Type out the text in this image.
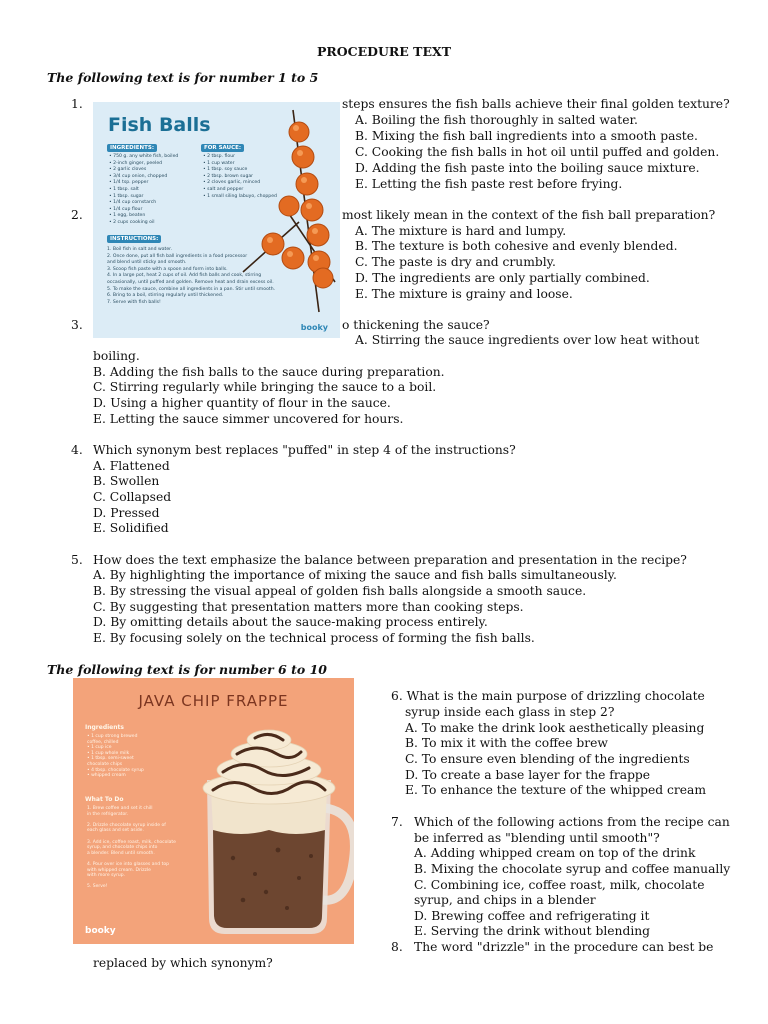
PROCEDURE TEXT
The following text is for number 1 to 5
1.	steps ensures the fish balls achieve their final golden texture?
A. Boiling the fish thoroughly in salted water.
B. Mixing the fish ball ingredients into a smooth paste.
C. Cooking the fish balls in hot oil until puffed and golden.
D. Adding the fish paste into the boiling sauce mixture.
E. Letting the fish paste rest before frying.
2.	most likely mean in the context of the fish ball preparation?
A. The mixture is hard and lumpy.
B. The texture is both cohesive and evenly blended.
C. The paste is dry and crumbly.
D. The ingredients are only partially combined.
E. The mixture is grainy and loose.
3.	o thickening the sauce?
A. Stirring the sauce ingredients over low heat without
boiling.
B. Adding the fish balls to the sauce during preparation.
C. Stirring regularly while bringing the sauce to a boil.
D. Using a higher quantity of flour in the sauce.
E. Letting the sauce simmer uncovered for hours.
4. Which synonym best replaces "puffed" in step 4 of the instructions?
A. Flattened
B. Swollen
C. Collapsed
D. Pressed
E. Solidified
5. How does the text emphasize the balance between preparation and presentation in the recipe?
A. By highlighting the importance of mixing the sauce and fish balls simultaneously.
B. By stressing the visual appeal of golden fish balls alongside a smooth sauce.
C. By suggesting that presentation matters more than cooking steps.
D. By omitting details about the sauce-making process entirely.
E. By focusing solely on the technical process of forming the fish balls.
Fish Balls
INGREDIENTS:
• 750 g. any white fish, boiled
• 2-inch ginger, peeled
• 2 garlic cloves
• 3/4 cup onion, chopped
• 1/4 tsp. pepper
• 1 tbsp. salt
• 1 tbsp. sugar
• 1/4 cup cornstarch
• 1/4 cup flour
• 1 egg, beaten
• 2 cups cooking oil
FOR SAUCE:
• 2 tbsp. flour
• 1 cup water
• 1 tbsp. soy sauce
• 2 tbsp. brown sugar
• 2 cloves garlic, minced
• salt and pepper
• 1 small siling labuyo, chopped
INSTRUCTIONS:
1. Boil fish in salt and water.
2. Once done, put all fish ball ingredients in a food processor
and blend until sticky and smooth.
3. Scoop fish paste with a spoon and form into balls.
4. In a large pot, heat 2 cups of oil. Add fish balls and cook, stirring
occasionally, until puffed and golden. Remove heat and drain excess oil.
5. To make the sauce, combine all ingredients in a pan. Stir until smooth.
6. Bring to a boil, stirring regularly until thickened.
7. Serve with fish balls!
booky
The following text is for number 6 to 10
JAVA CHIP FRAPPE
Ingredients
• 1 cup strong brewed
coffee, chilled
• 1 cup ice
• 1 cup whole milk
• 1 tbsp. semi-sweet
chocolate chips
• 4 tbsp. chocolate syrup
• whipped cream
What To Do
1. Brew coffee and set it chill
in the refrigerator.

2. Drizzle chocolate syrup inside of
each glass and set aside.

3. Add ice, coffee roast, milk, chocolate
syrup, and chocolate chips into
a blender. Blend until smooth.

4. Pour over ice into glasses and top
with whipped cream. Drizzle
with more syrup.

5. Serve!
booky
6. What is the main purpose of drizzling chocolate
syrup inside each glass in step 2?
A. To make the drink look aesthetically pleasing
B. To mix it with the coffee brew
C. To ensure even blending of the ingredients
D. To create a base layer for the frappe
E. To enhance the texture of the whipped cream
7. Which of the following actions from the recipe can
be inferred as "blending until smooth"?
A. Adding whipped cream on top of the drink
B. Mixing the chocolate syrup and coffee manually
C. Combining ice, coffee roast, milk, chocolate
syrup, and chips in a blender
D. Brewing coffee and refrigerating it
E. Serving the drink without blending
8. The word "drizzle" in the procedure can best be
replaced by which synonym?
